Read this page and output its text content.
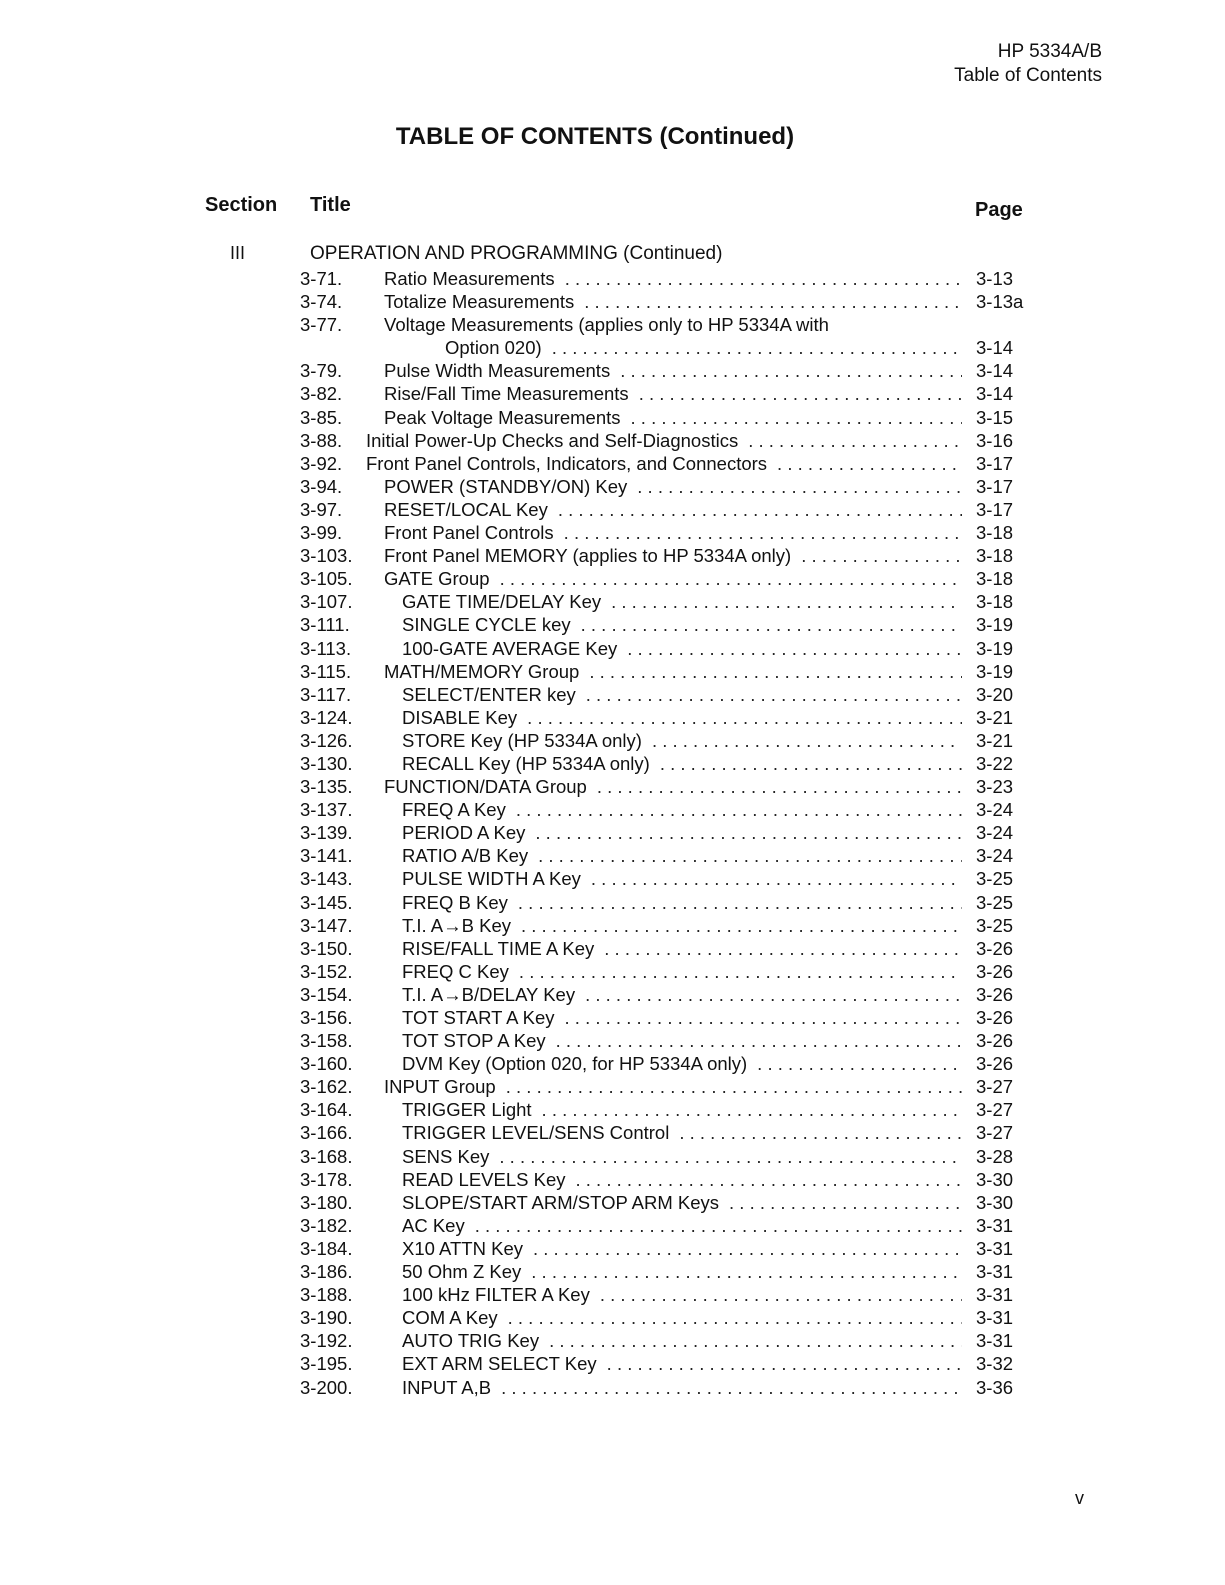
HP 5334A/B
Table of Contents
TABLE OF CONTENTS (Continued)
Section Title	Page
III	OPERATION AND PROGRAMMING (Continued)
3-71. Ratio Measurements . . .	3-13
3-74. Totalize Measurements . . .	3-13a
3-77. Voltage Measurements (applies only to HP 5334A with
Option 020) . . .	3-14
3-79. Pulse Width Measurements . . .	3-14
3-82. Rise/Fall Time Measurements . . .	3-14
3-85. Peak Voltage Measurements . . .	3-15
3-88. Initial Power-Up Checks and Self-Diagnostics . . .	3-16
3-92. Front Panel Controls, Indicators, and Connectors . . .	3-17
3-94. POWER (STANDBY/ON) Key . . .	3-17
3-97. RESET/LOCAL Key . . .	3-17
3-99. Front Panel Controls . . .	3-18
3-103. Front Panel MEMORY (applies to HP 5334A only) . . .	3-18
3-105. GATE Group . . .	3-18
3-107.	GATE TIME/DELAY Key . . .	3-18
3-111.	SINGLE CYCLE key . . .	3-19
3-113.	100-GATE AVERAGE Key . . .	3-19
3-115. MATH/MEMORY Group . . .	3-19
3-117.	SELECT/ENTER key . . .	3-20
3-124.	DISABLE Key . . .	3-21
3-126.	STORE Key (HP 5334A only) . . .	3-21
3-130.	RECALL Key (HP 5334A only) . . .	3-22
3-135. FUNCTION/DATA Group . . .	3-23
3-137.	FREQ A Key . . .	3-24
3-139.	PERIOD A Key . . .	3-24
3-141.	RATIO A/B Key . . .	3-24
3-143.	PULSE WIDTH A Key . . .	3-25
3-145.	FREQ B Key . . .	3-25
3-147.	T.I. A→B Key . . .	3-25
3-150.	RISE/FALL TIME A Key . . .	3-26
3-152.	FREQ C Key . . .	3-26
3-154.	T.I. A→B/DELAY Key . . .	3-26
3-156.	TOT START A Key . . .	3-26
3-158.	TOT STOP A Key . . .	3-26
3-160.	DVM Key (Option 020, for HP 5334A only) . . .	3-26
3-162. INPUT Group . . .	3-27
3-164.	TRIGGER Light . . .	3-27
3-166.	TRIGGER LEVEL/SENS Control . . .	3-27
3-168.	SENS Key . . .	3-28
3-178.	READ LEVELS Key . . .	3-30
3-180.	SLOPE/START ARM/STOP ARM Keys . . .	3-30
3-182.	AC Key . . .	3-31
3-184.	X10 ATTN Key . . .	3-31
3-186.	50 Ohm Z Key . . .	3-31
3-188.	100 kHz FILTER A Key . . .	3-31
3-190.	COM A Key . . .	3-31
3-192.	AUTO TRIG Key . . .	3-31
3-195.	EXT ARM SELECT Key . . .	3-32
3-200.	INPUT A,B . . .	3-36
v
